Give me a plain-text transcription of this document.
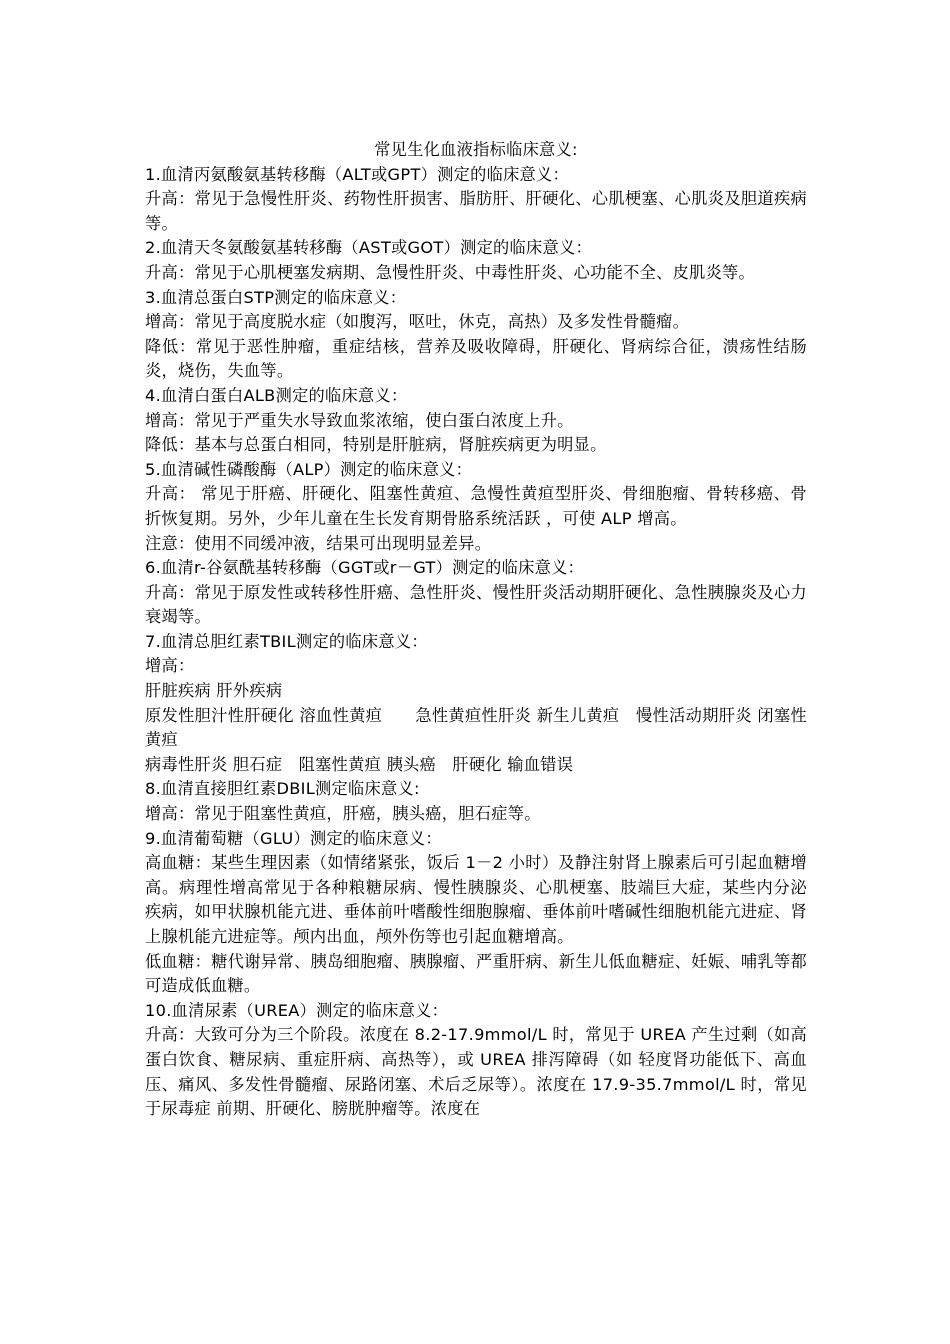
常见生化血液指标临床意义:

1.血清丙氨酸氨基转移酶（ALT或GPT）测定的临床意义：

升高：常见于急慢性肝炎、药物性肝损害、脂肪肝、肝硬化、心肌梗塞、心肌炎及胆道疾病等。

2.血清天冬氨酸氨基转移酶（AST或GOT）测定的临床意义：

升高：常见于心肌梗塞发病期、急慢性肝炎、中毒性肝炎、心功能不全、皮肌炎等。

3.血清总蛋白STP测定的临床意义：

增高：常见于高度脱水症（如腹泻，呕吐，休克，高热）及多发性骨髓瘤。

降低：常见于恶性肿瘤，重症结核，营养及吸收障碍，肝硬化、肾病综合征，溃疡性结肠炎，烧伤，失血等。

4.血清白蛋白ALB测定的临床意义：

增高：常见于严重失水导致血浆浓缩，使白蛋白浓度上升。

降低：基本与总蛋白相同，特别是肝脏病，肾脏疾病更为明显。

5.血清碱性磷酸酶（ALP）测定的临床意义：

升高： 常见于肝癌、肝硬化、阻塞性黄疸、急慢性黄疸型肝炎、骨细胞瘤、骨转移癌、骨折恢复期。另外，少年儿童在生长发育期骨胳系统活跃 ，可使 ALP 增高。

注意：使用不同缓冲液，结果可出现明显差异。

6.血清r-谷氨酰基转移酶（GGT或r－GT）测定的临床意义：

升高：常见于原发性或转移性肝癌、急性肝炎、慢性肝炎活动期肝硬化、急性胰腺炎及心力衰竭等。

7.血清总胆红素TBIL测定的临床意义：

增高：

肝脏疾病 肝外疾病

原发性胆汁性肝硬化 溶血性黄疸      急性黄疸性肝炎 新生儿黄疸   慢性活动期肝炎 闭塞性黄疸

病毒性肝炎 胆石症   阻塞性黄疸 胰头癌   肝硬化 输血错误

8.血清直接胆红素DBIL测定临床意义:

增高：常见于阻塞性黄疸，肝癌，胰头癌，胆石症等。

9.血清葡萄糖（GLU）测定的临床意义：

高血糖：某些生理因素（如情绪紧张，饭后 1－2 小时）及静注射肾上腺素后可引起血糖增高。病理性增高常见于各种粮糖尿病、慢性胰腺炎、心肌梗塞、肢端巨大症，某些内分泌 疾病，如甲状腺机能亢进、垂体前叶嗜酸性细胞腺瘤、垂体前叶嗜碱性细胞机能亢进症、肾上腺机能亢进症等。颅内出血，颅外伤等也引起血糖增高。

低血糖：糖代谢异常、胰岛细胞瘤、胰腺瘤、严重肝病、新生儿低血糖症、妊娠、哺乳等都可造成低血糖。

10.血清尿素（UREA）测定的临床意义：

升高：大致可分为三个阶段。浓度在 8.2-17.9mmol/L 时，常见于 UREA 产生过剩（如高蛋白饮食、糖尿病、重症肝病、高热等），或 UREA 排泻障碍（如 轻度肾功能低下、高血压、痛风、多发性骨髓瘤、尿路闭塞、术后乏尿等）。浓度在 17.9-35.7mmol/L 时，常见于尿毒症 前期、肝硬化、膀胱肿瘤等。浓度在
